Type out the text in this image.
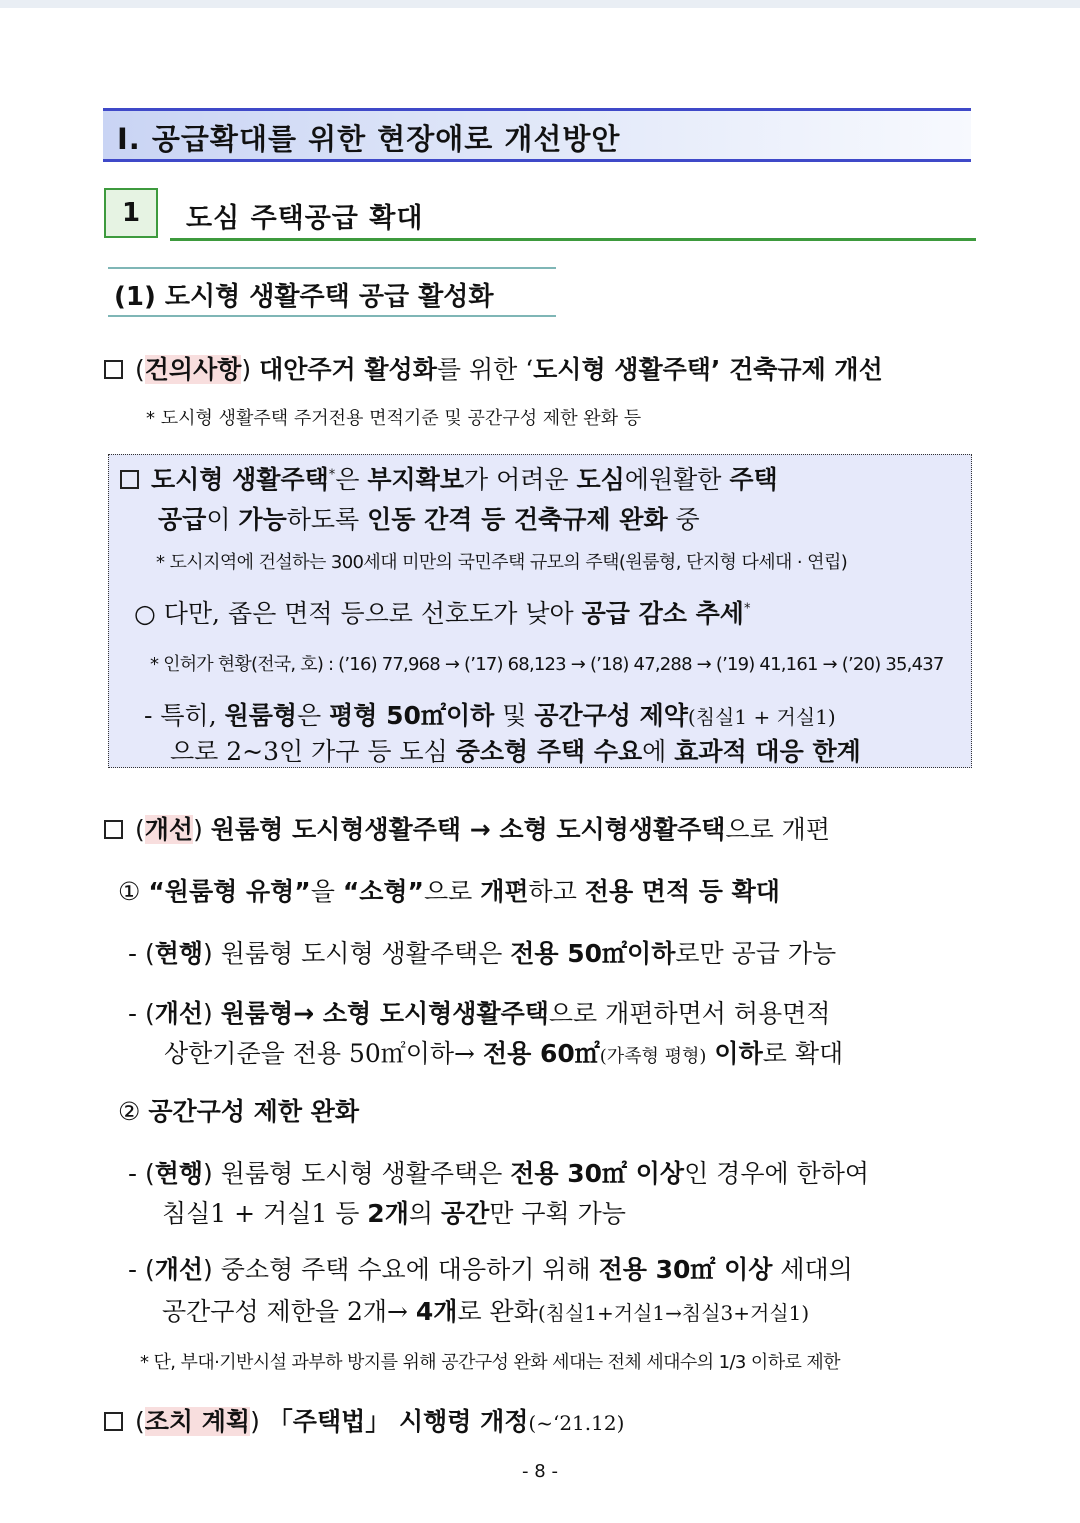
Ⅰ. 공급확대를 위한 현장애로 개선방안
1	도심 주택공급 확대
(1) 도시형 생활주택 공급 활성화
(건의사항) 대안주거 활성화를 위한 ‘도시형 생활주택’ 건축규제 개선
* 도시형 생활주택 주거전용 면적기준 및 공간구성 제한 완화 등
도시형 생활주택*은 부지확보가 어려운 도심에원활한 주택
공급이 가능하도록 인동 간격 등 건축규제 완화 중
* 도시지역에 건설하는 300세대 미만의 국민주택 규모의 주택(원룸형, 단지형 다세대 · 연립)
○ 다만, 좁은 면적 등으로 선호도가 낮아 공급 감소 추세*
* 인허가 현황(전국, 호) : (’16) 77,968 → (’17) 68,123 → (’18) 47,288 → (’19) 41,161 → (’20) 35,437
- 특히, 원룸형은 평형 50㎡이하 및 공간구성 제약(침실1 + 거실1)
으로 2~3인 가구 등 도심 중소형 주택 수요에 효과적 대응 한계
(개선) 원룸형 도시형생활주택 → 소형 도시형생활주택으로 개편
① “원룸형 유형”을 “소형”으로 개편하고 전용 면적 등 확대
- (현행) 원룸형 도시형 생활주택은 전용 50㎡이하로만 공급 가능
- (개선) 원룸형→ 소형 도시형생활주택으로 개편하면서 허용면적
상한기준을 전용 50㎡이하→ 전용 60㎡(가족형 평형) 이하로 확대
② 공간구성 제한 완화
- (현행) 원룸형 도시형 생활주택은 전용 30㎡ 이상인 경우에 한하여
침실1 + 거실1 등 2개의 공간만 구획 가능
- (개선) 중소형 주택 수요에 대응하기 위해 전용 30㎡ 이상 세대의
공간구성 제한을 2개→ 4개로 완화(침실1+거실1→침실3+거실1)
* 단, 부대·기반시설 과부하 방지를 위해 공간구성 완화 세대는 전체 세대수의 1/3 이하로 제한
(조치 계획) 「주택법」 시행령 개정(~‘21.12)
- 8 -
